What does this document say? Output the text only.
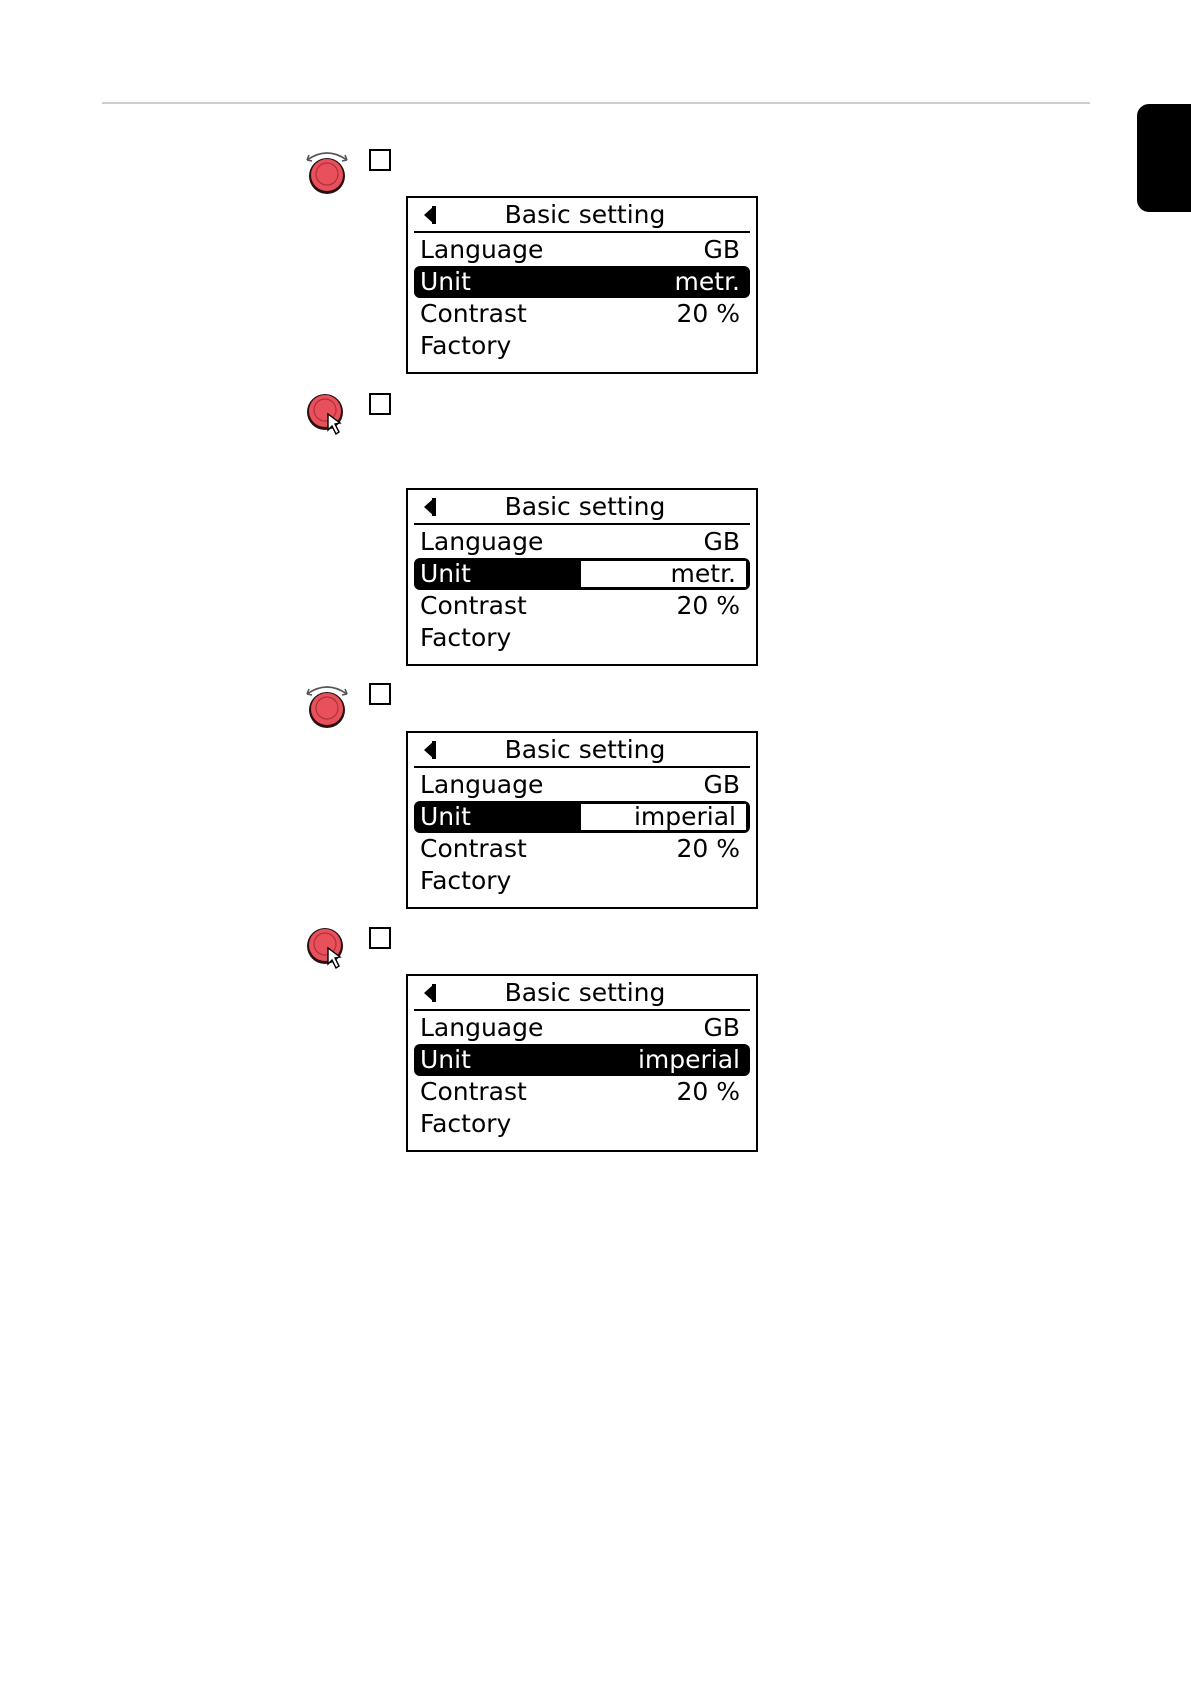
Basic setting
Language	GB
Unit	metr.
Contrast	20 %
Factory
Basic setting
Language	GB
Unit	metr.
Contrast	20 %
Factory
Basic setting
Language	GB
Unit	imperial
Contrast	20 %
Factory
Basic setting
Language	GB
Unit	imperial
Contrast	20 %
Factory
